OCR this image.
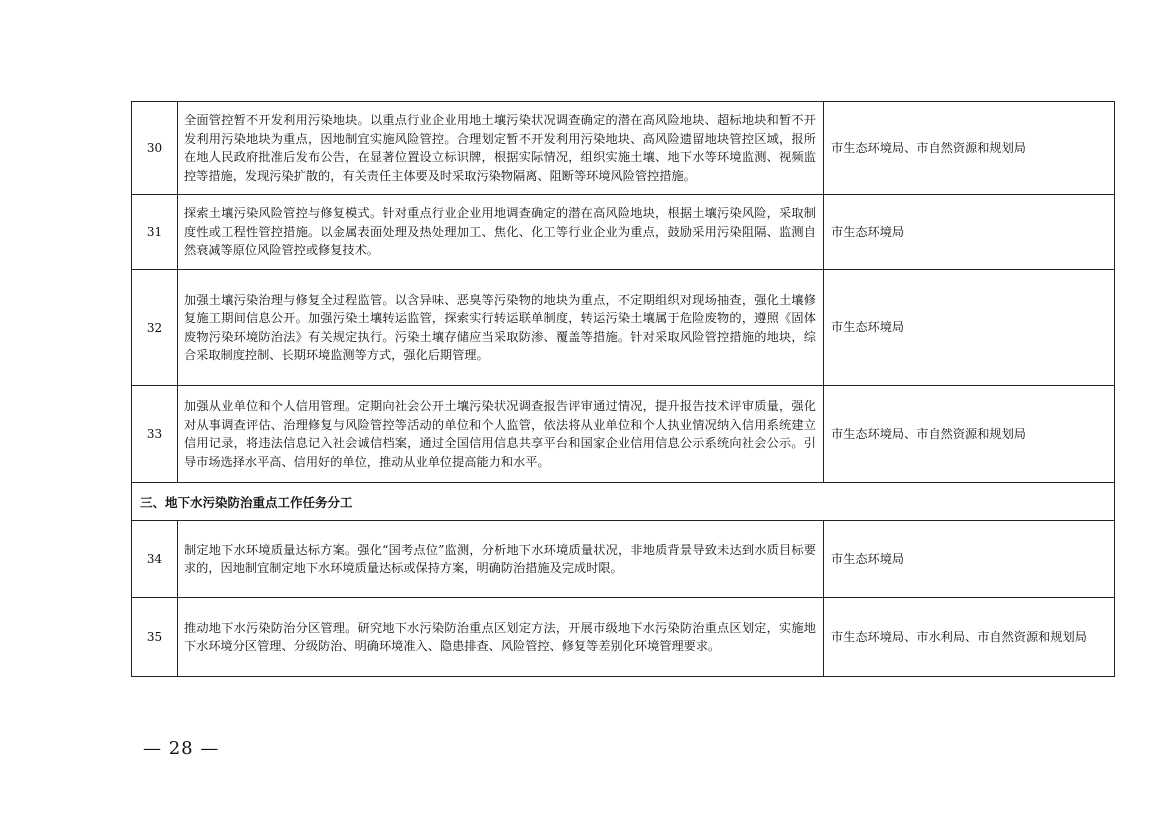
30	全面管控暂不开发利用污染地块。以重点行业企业用地土壤污染状况调查确定的潜在高风险地块、超标地块和暂不开发利用污染地块为重点，因地制宜实施风险管控。合理划定暂不开发利用污染地块、高风险遗留地块管控区域，报所在地人民政府批准后发布公告，在显著位置设立标识牌，根据实际情况，组织实施土壤、地下水等环境监测、视频监控等措施，发现污染扩散的，有关责任主体要及时采取污染物隔离、阻断等环境风险管控措施。	市生态环境局、市自然资源和规划局
31	探索土壤污染风险管控与修复模式。针对重点行业企业用地调查确定的潜在高风险地块，根据土壤污染风险，采取制度性或工程性管控措施。以金属表面处理及热处理加工、焦化、化工等行业企业为重点，鼓励采用污染阻隔、监测自然衰减等原位风险管控或修复技术。	市生态环境局
32	加强土壤污染治理与修复全过程监管。以含异味、恶臭等污染物的地块为重点，不定期组织对现场抽查，强化土壤修复施工期间信息公开。加强污染土壤转运监管，探索实行转运联单制度，转运污染土壤属于危险废物的，遵照《固体废物污染环境防治法》有关规定执行。污染土壤存储应当采取防渗、覆盖等措施。针对采取风险管控措施的地块，综合采取制度控制、长期环境监测等方式，强化后期管理。	市生态环境局
33	加强从业单位和个人信用管理。定期向社会公开土壤污染状况调查报告评审通过情况，提升报告技术评审质量，强化对从事调查评估、治理修复与风险管控等活动的单位和个人监管，依法将从业单位和个人执业情况纳入信用系统建立信用记录，将违法信息记入社会诚信档案，通过全国信用信息共享平台和国家企业信用信息公示系统向社会公示。引导市场选择水平高、信用好的单位，推动从业单位提高能力和水平。	市生态环境局、市自然资源和规划局
三、地下水污染防治重点工作任务分工		
34	制定地下水环境质量达标方案。强化“国考点位”监测，分析地下水环境质量状况，非地质背景导致未达到水质目标要求的，因地制宜制定地下水环境质量达标或保持方案，明确防治措施及完成时限。	市生态环境局
35	推动地下水污染防治分区管理。研究地下水污染防治重点区划定方法，开展市级地下水污染防治重点区划定，实施地下水环境分区管理、分级防治、明确环境准入、隐患排查、风险管控、修复等差别化环境管理要求。	市生态环境局、市水利局、市自然资源和规划局
— 28 —
